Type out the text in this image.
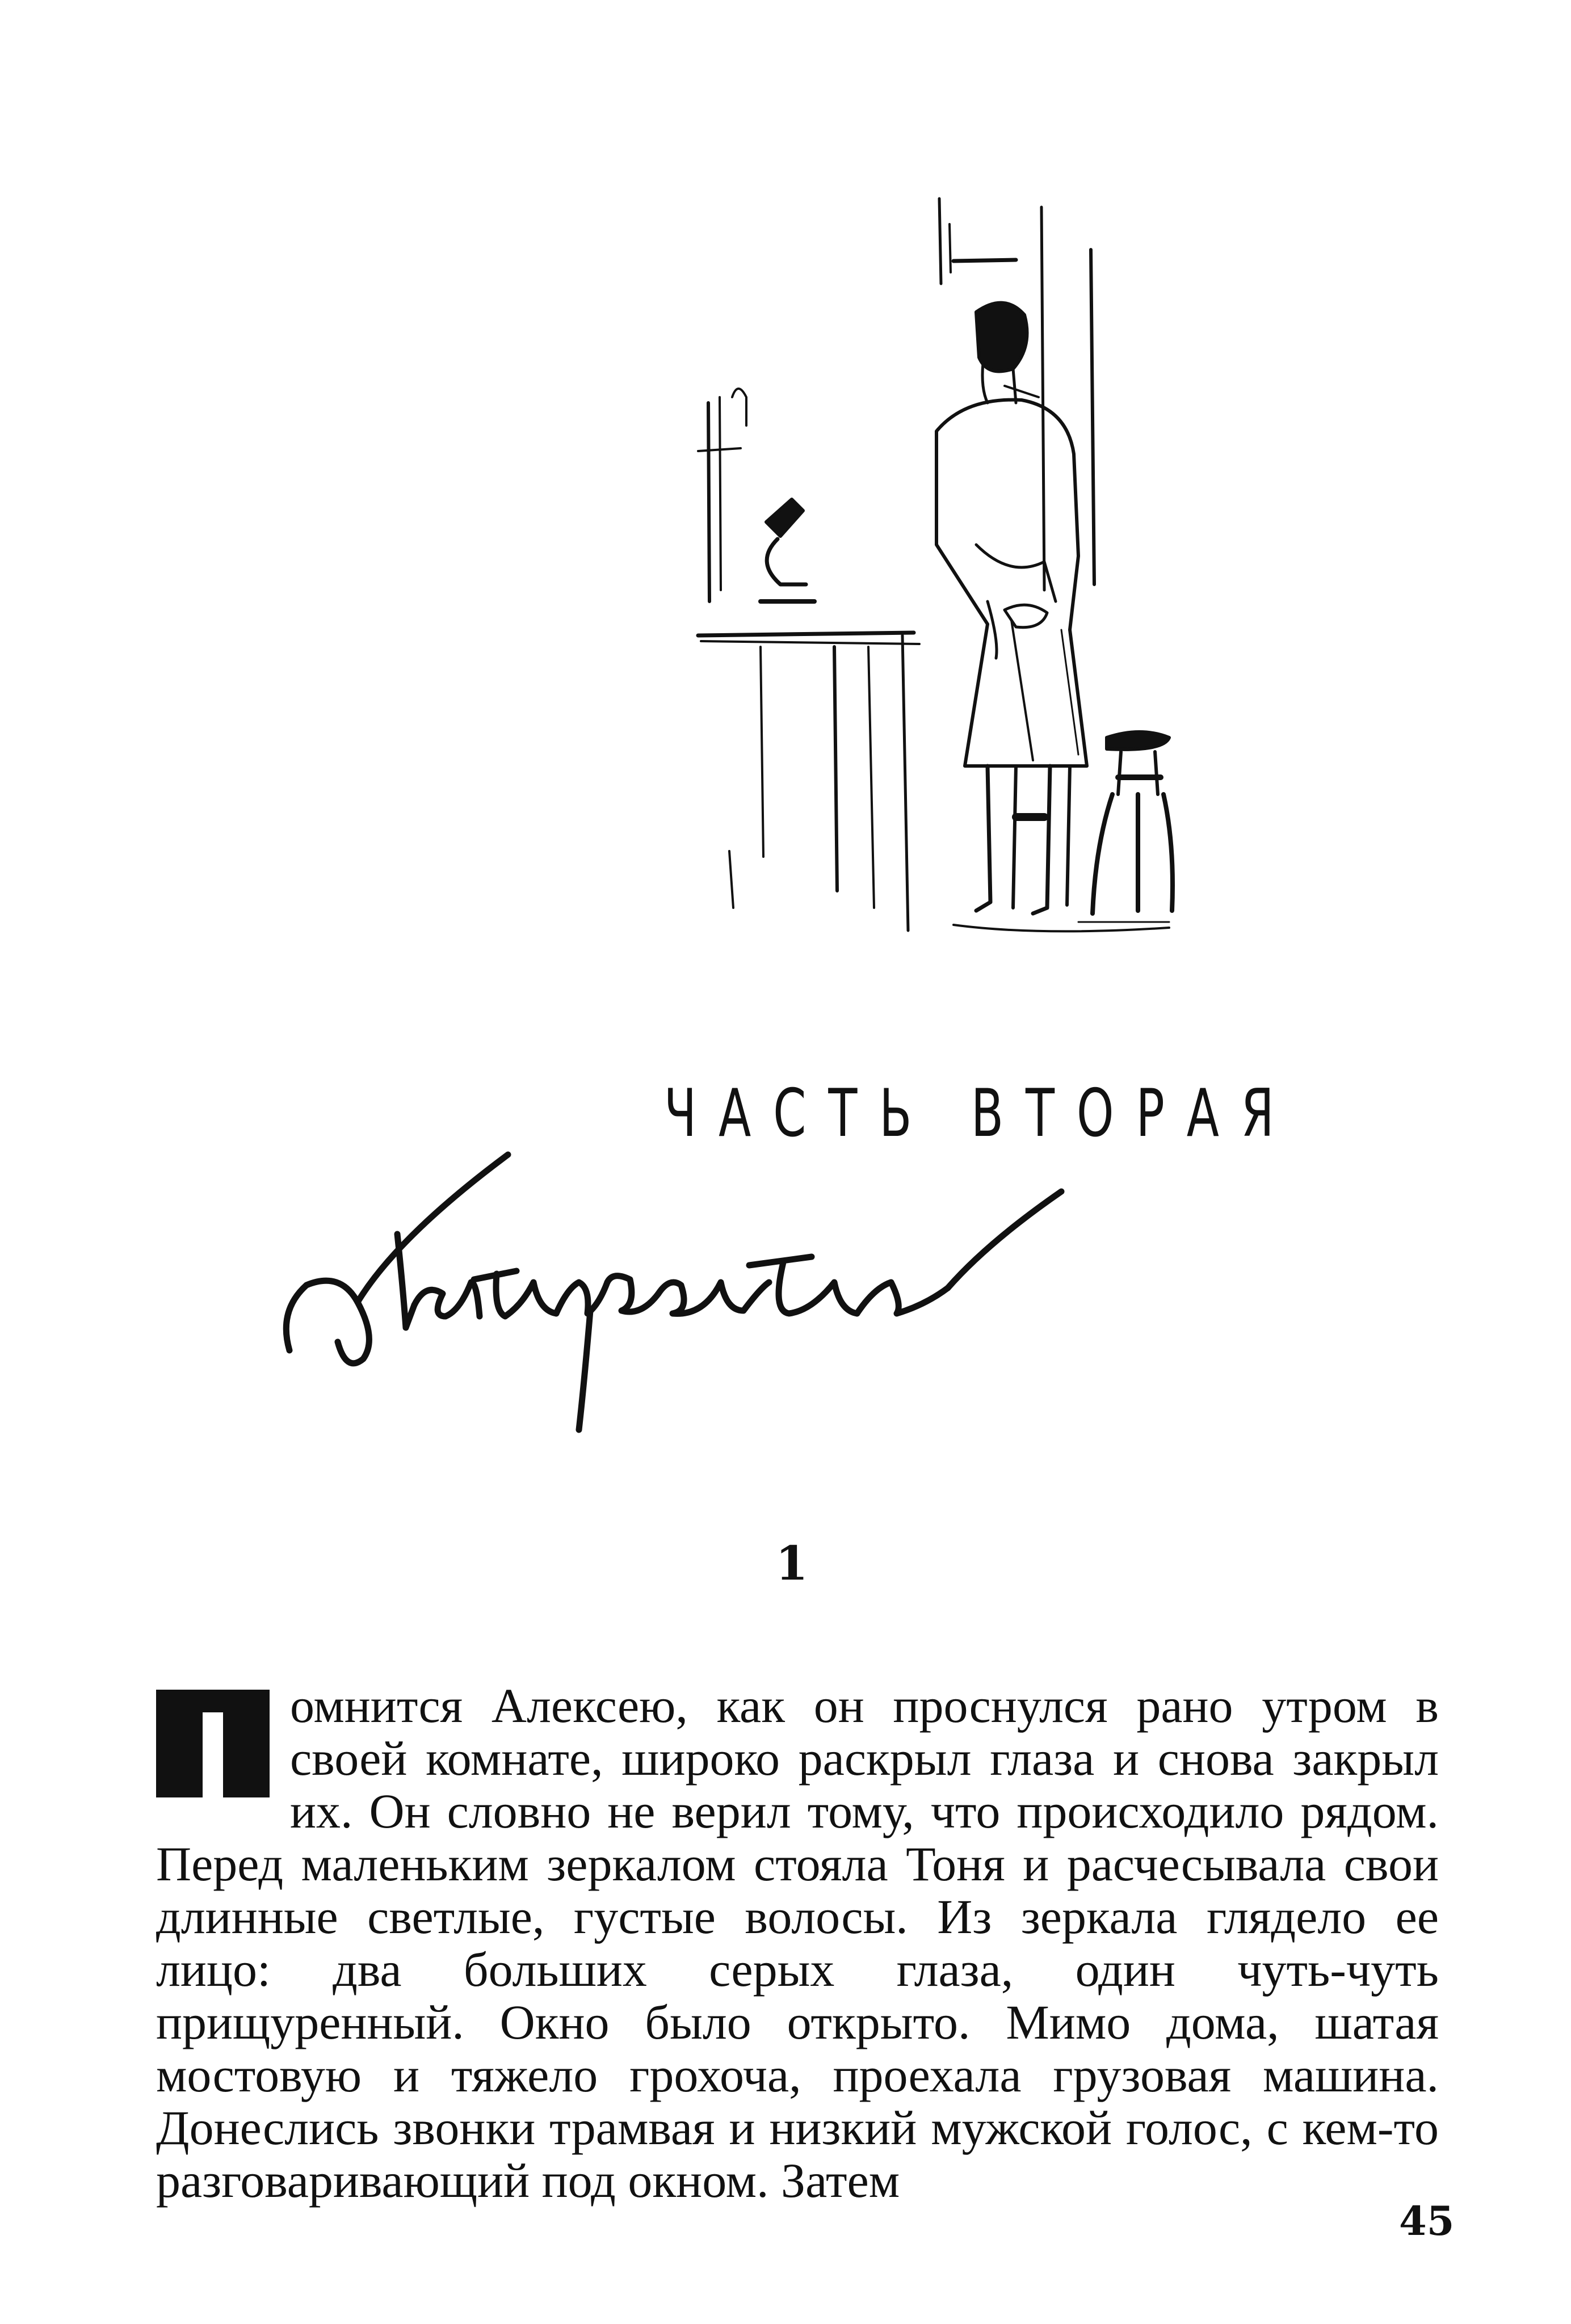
ЧАСТЬ ВТОРАЯ
1
омнится Алексею, как он проснулся рано утром в своей комнате, широко раскрыл глаза и снова закрыл их. Он словно не верил тому, что происходило рядом. Перед маленьким зеркалом стояла Тоня и расчесывала свои длинные светлые, густые волосы. Из зеркала глядело ее лицо: два больших серых глаза, один чуть-чуть прищуренный. Окно было открыто. Мимо дома, шатая мостовую и тяжело грохоча, проехала грузовая машина. Донеслись звонки трамвая и низкий мужской голос, с кем-то разговаривающий под окном. Затем
45
